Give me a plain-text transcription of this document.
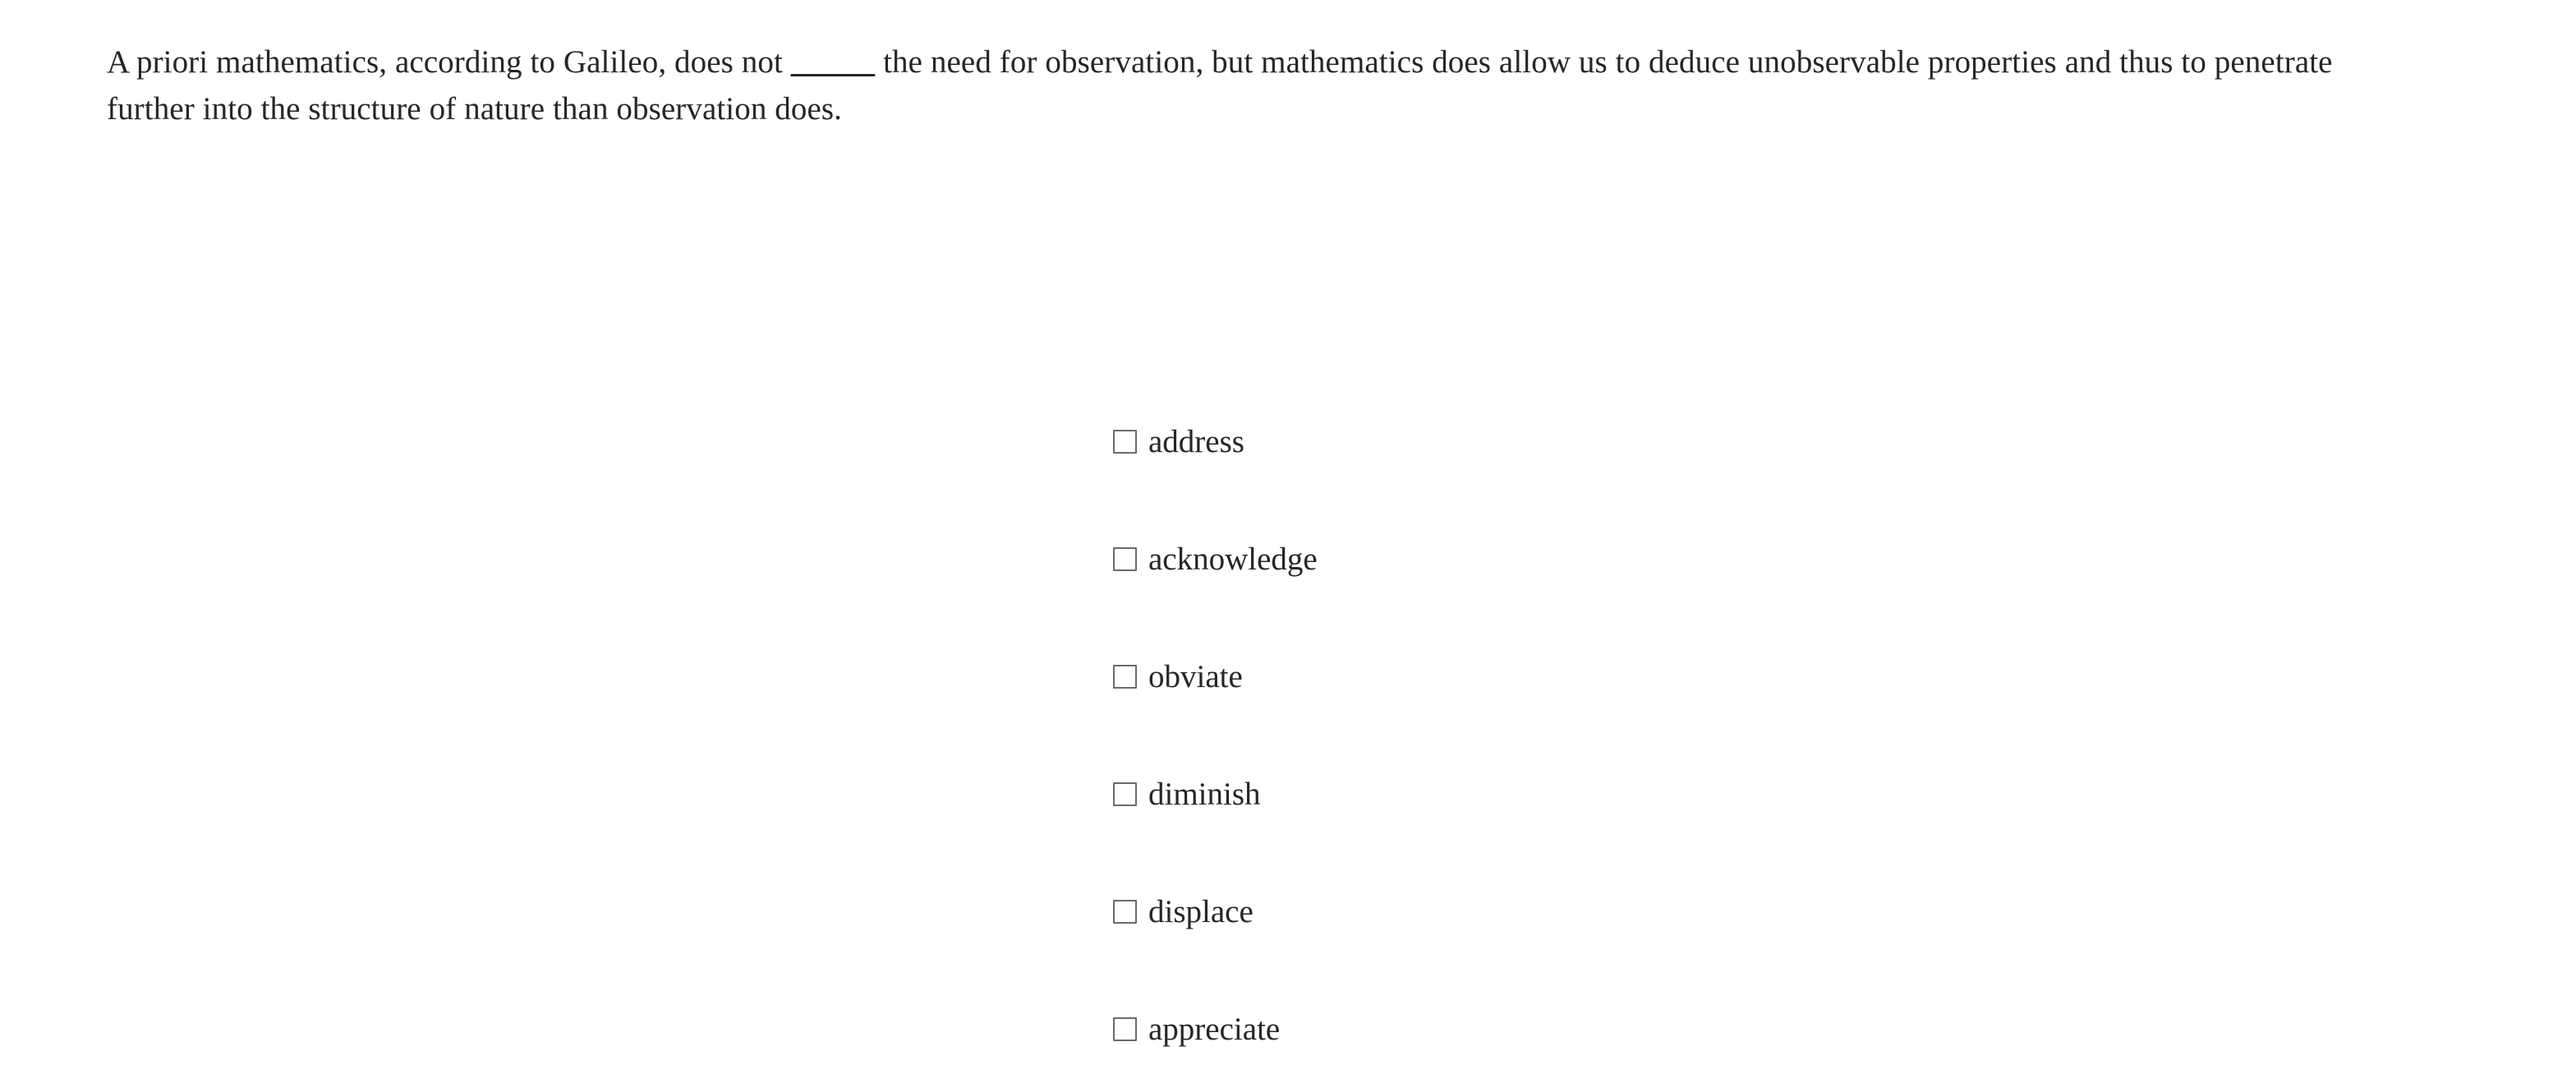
A priori mathematics, according to Galileo, does not _____ the need for observation, but mathematics does allow us to deduce unobservable properties and thus to penetrate further into the structure of nature than observation does.
address
acknowledge
obviate
diminish
displace
appreciate
